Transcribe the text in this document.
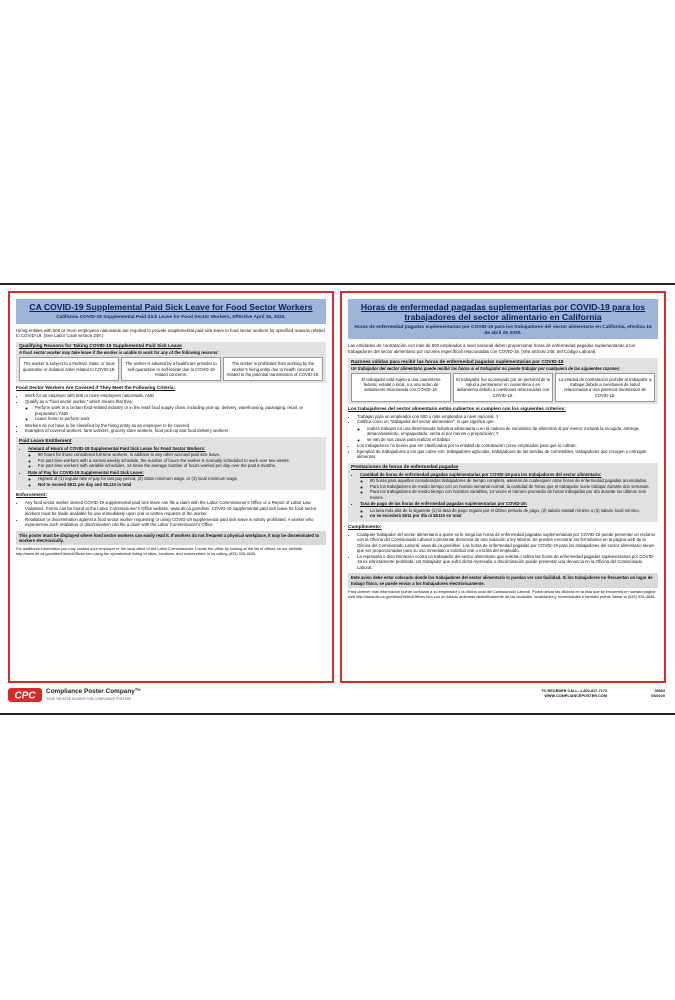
CA COVID-19 Supplemental Paid Sick Leave for Food Sector Workers
California COVID-19 Supplemental Paid Sick Leave for Food Sector Workers, Effective April 16, 2020.
Hiring entities with 500 or more employees nationwide are required to provide supplemental paid sick leave to food sector workers for specified reasons related to COVID-19. (See Labor Code section 248.)
Qualifying Reasons for Taking COVID-19 Supplemental Paid Sick Leave
A food sector worker may take leave if the worker is unable to work for any of the following reasons:
The worker is subject to a Federal, State, or local quarantine or isolation order related to COVID-19.
The worker is advised by a healthcare provider to self-quarantine or self-isolate due to COVID-19 related concerns.
The worker is prohibited from working by the worker's hiring entity due to health concerns related to the potential transmission of COVID-19.
Food Sector Workers Are Covered if They Meet the Following Criteria:
• Work for an employer with 500 or more employees nationwide, AND
• Qualify as a "food sector worker," which means that they:
◦ Perform work in a certain food-related industry or in the retail food supply chain, including pick-up, delivery, warehousing, packaging, retail, or preparation; AND
◦ Leave home to perform work
• Workers do not have to be classified by the hiring entity as an employee to be covered.
• Examples of covered workers: farm workers, grocery store workers, food pick-up and food delivery workers
Paid Leave Entitlement
• Amount of Hours of COVID-19 Supplemental Paid Sick Leave for Food Sector Workers:
◦ 80 hours for those considered full-time workers, in addition to any other accrued paid sick leave.
◦ For part-time workers with a normal weekly schedule, the number of hours the worker is normally scheduled to work over two weeks.
◦ For part-time workers with variable schedules, 14 times the average number of hours worked per day over the past 6 months.
• Rate of Pay for COVID-19 Supplemental Paid Sick Leave:
◦ Highest of (1) regular rate of pay for last pay period, (2) State minimum wage, or (3) local minimum wage,
◦ Not to exceed $511 per day and $5,110 in total
Enforcement:
• Any food sector worker denied COVID-19 supplemental paid sick leave can file a claim with the Labor Commissioner's Office or a Report of Labor Law Violations. Forms can be found at the Labor Commissioner's Office website, www.dir.ca.gov/dlse/. COVID-19 supplemental paid sick leave for food sector workers must be made available for use immediately upon oral or written requests of the worker.
• Retaliation or discrimination against a food sector worker requesting or using COVID-19 supplemental paid sick leave is strictly prohibited. A worker who experiences such retaliation or discrimination can file a claim with the Labor Commissioner's Office.
This poster must be displayed where food sector workers can easily read it. If workers do not frequent a physical workplace, it may be disseminated to workers electronically.
For additional information you may contact your employer or the local office of the Labor Commissioner. Locate the office by looking at the list of offices on our website http://www.dir.ca.gov/dlse/DistrictOffices.htm using the alphabetical listing of cities, locations, and communities or by calling (833) 526-4636.
Horas de enfermedad pagadas suplementarias por COVID-19 para los trabajadores del sector alimentario en California
Horas de enfermedad pagadas suplementarias por COVID-19 para los trabajadores del sector alimentario en California, efectiva 16 de abril de 2020.
Las entidades de contratación con más de 500 empleados a nivel nacional deben proporcionar horas de enfermedad pagadas suplementarias a los trabajadores del sector alimentario por razones específicas relacionadas con COVID-19. (Vea artículo 248, del Código Laboral).
Razones válidas para recibir las horas de enfermedad pagadas suplementarias por COVID-19
Un trabajador del sector alimentario puede recibir las horas si el trabajador no puede trabajar por cualquiera de las siguientes razones:
El trabajador está sujeto a una cuarentena federal, estatal o local, o a una orden de aislamiento relacionada con COVID-19.
El trabajador fue aconsejado por un personal de la salud a permanecer en cuarentena o en aislamiento debido a cuestiones relacionadas con COVID-19.
La entidad de contratación prohíbe al trabajador a trabajar debido a cuestiones de salud relacionadas a una potencial transmisión de COVID-19.
Los trabajadores del sector alimentario están cubiertos si cumplen con los siguientes criterios:
• Trabajan para un empleador con 500 o más empleados a nivel nacional, Y
• Califica como un "trabajador del sector alimentario", lo que significa que:
◦ realiza trabajos en una determinada industria alimentaria o en la cadena de suministro de alimentos al por menor, incluida la recogida, entrega, almacenamiento, empaquetado, venta al por menos o preparación; Y
◦ se van de sus casas para realizar el trabajo
• Los trabajadores no tienen que ser clasificados por la entidad de contratación como empleados para que lo cubran.
• Ejemplos de trabajadores a los que cubre son: trabajadores agrícolas, trabajadores de las tiendas de comestibles, trabajadores que recogen o entregan alimentos
Prestaciones de horas de enfermedad pagadas
• Cantidad de horas de enfermedad pagadas suplementarias por COVID-19 para los trabajadores del sector alimentario:
◦ 80 horas para aquellos considerados trabajadores de tiempo completo, además de cualesquier otras horas de enfermedad pagadas acumuladas.
◦ Para los trabajadores de medio tiempo con un horario semanal normal, la cantidad de horas que el trabajador suele trabajar durante dos semanas.
◦ Para los trabajadores de medio tiempo con horarios variables, 14 veces el número promedio de horas trabajadas por día durante los últimos seis meses.
• Tasa de pago de las horas de enfermedad pagadas suplementarias por COVID-19:
◦ La tasa más alta de lo siguiente (1) la tasa de pago regular por el último periodo de pago, (2) salario estatal mínimo o (3) salario local mínimo,
◦ no se excederá $511 por día ni $5110 en total
Cumplimiento:
• Cualquier trabajador del sector alimentario a quien se le niega las horas de enfermedad pagadas suplementarias por COVID-19 puede presentar un reclamo con la Oficina del Comisionado Laboral o presentar denuncia de una violación a ley laboral. Se pueden encontrar los formularios en la página web de la Oficina del Comisionado Laboral, www.dir.ca.gov/dlse/. Las horas de enfermedad pagadas por COVID-19 para los trabajadores del sector alimentario tienen que ser proporcionadas para su uso inmediato a solicitud oral o escrita del empleado.
• La represalia o discriminación contra un trabajador del sector alimentario que solicita o utiliza las horas de enfermedad pagadas suplementarias por COVID-19 es estrictamente prohibida. Un trabajador que sufre dicha represalia o discriminación puede presentar una denuncia en la Oficina del Comisionado Laboral.
Este aviso debe estar colocado donde los trabajadores del sector alimentario lo puedan ver con facilidad. Si los trabajadores no frecuentan un lugar de trabajo físico, se puede enviar a los trabajadores electrónicamente.
Para obtener más información puede contactar a su empleador o la oficina local del Comisionado Laboral. Podrá ubicar las oficinas en la lista que se encuentra en nuestra página web http://www.dir.ca.gov/dlse/DistrictOffices.htm con un listado ordenado alfabéticamente de las ciudades, localidades y comunidades o también puede llamar al (833) 526-4636.
CPC Compliance Poster Company™
YOUR TRUSTED SOURCE FOR COMPLIANCE POSTERS
TO REORDER CALL: 1-800-817-7173
WWW.COMPLIANCEPOSTER.COM
05063
05/2020
